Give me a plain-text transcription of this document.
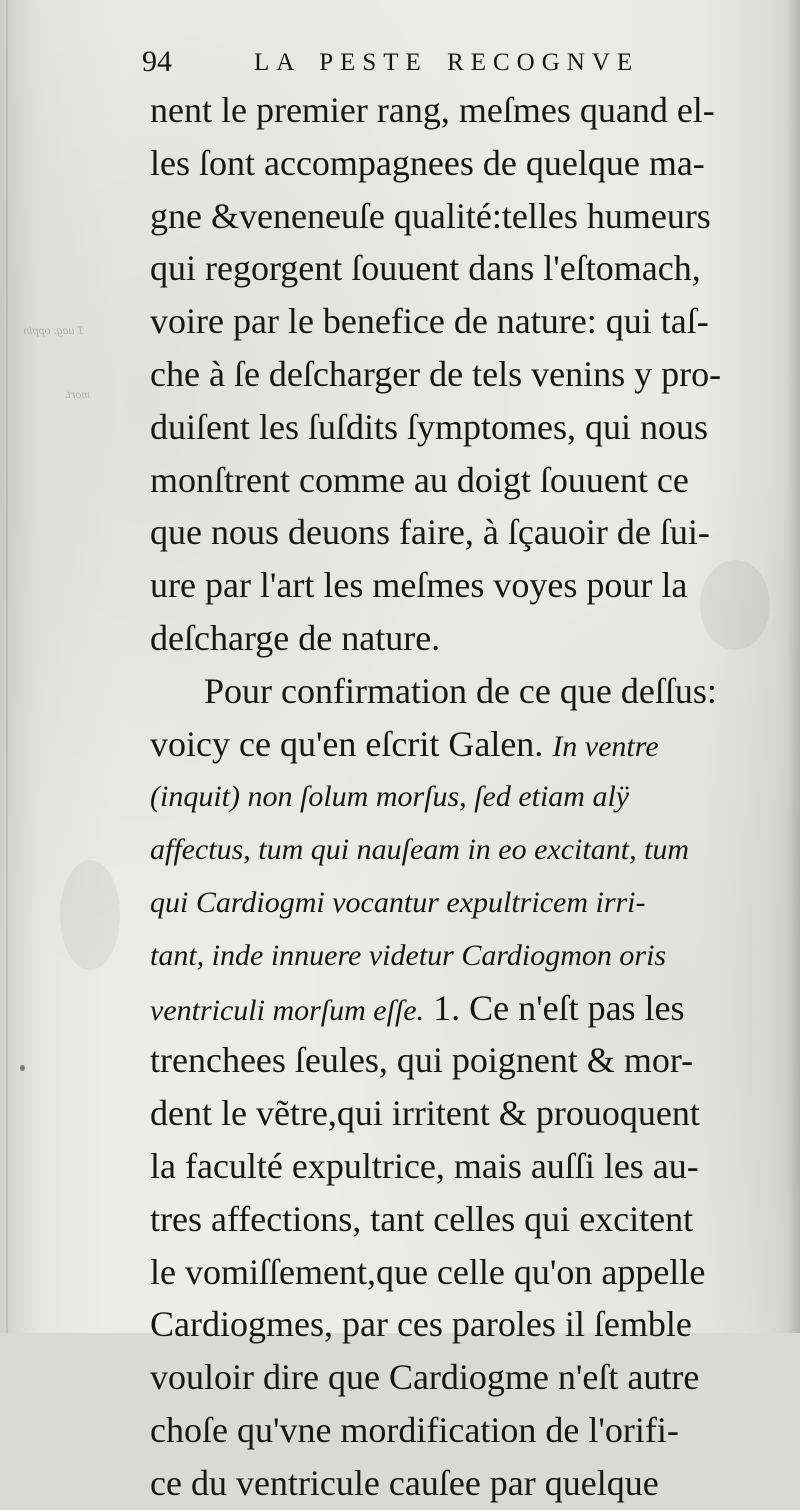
T uag. oppin
mort.
94	LA PESTE RECOGNVE
nent le premier rang, meſmes quand el-
les ſont accompagnees de quelque ma-
gne &veneneuſe qualité:telles humeurs
qui regorgent ſouuent dans l'eſtomach,
voire par le benefice de nature: qui taſ-
che à ſe deſcharger de tels venins y pro-
duiſent les ſuſdits ſymptomes, qui nous
monſtrent comme au doigt ſouuent ce
que nous deuons faire, à ſçauoir de ſui-
ure par l'art les meſmes voyes pour la
deſcharge de nature.
Pour confirmation de ce que deſſus:
voicy ce qu'en eſcrit Galen. In ventre
(inquit) non ſolum morſus, ſed etiam alÿ
affectus, tum qui nauſeam in eo excitant, tum
qui Cardiogmi vocantur expultricem irri-
tant, inde innuere videtur Cardiogmon oris
ventriculi morſum eſſe. 1. Ce n'eſt pas les
trenchees ſeules, qui poignent & mor-
dent le vẽtre,qui irritent & prouoquent
la faculté expultrice, mais auſſi les au-
tres affections, tant celles qui excitent
le vomiſſement,que celle qu'on appelle
Cardiogmes, par ces paroles il ſemble
vouloir dire que Cardiogme n'eſt autre
choſe qu'vne mordification de l'orifi-
ce du ventricule cauſee par quelque
